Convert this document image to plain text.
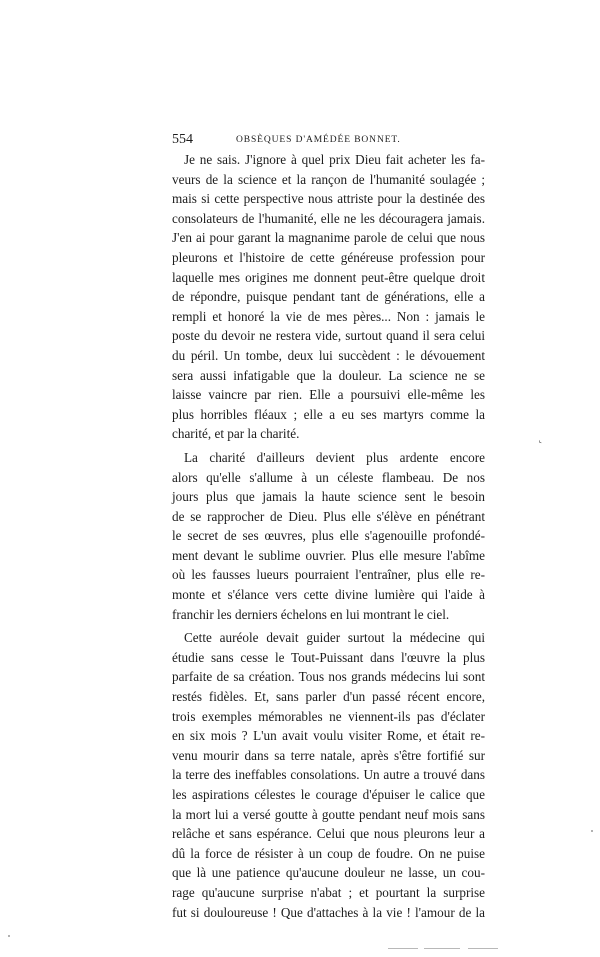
554	OBSÈQUES D'AMÉDÉE BONNET.
Je ne sais. J'ignore à quel prix Dieu fait acheter les fa-
veurs de la science et la rançon de l'humanité soulagée ;
mais si cette perspective nous attriste pour la destinée des
consolateurs de l'humanité, elle ne les découragera jamais.
J'en ai pour garant la magnanime parole de celui que nous
pleurons et l'histoire de cette généreuse profession pour
laquelle mes origines me donnent peut-être quelque droit
de répondre, puisque pendant tant de générations, elle a
rempli et honoré la vie de mes pères... Non : jamais le
poste du devoir ne restera vide, surtout quand il sera celui
du péril. Un tombe, deux lui succèdent : le dévouement
sera aussi infatigable que la douleur. La science ne se
laisse vaincre par rien. Elle a poursuivi elle-même les
plus horribles fléaux ; elle a eu ses martyrs comme la
charité, et par la charité.
La charité d'ailleurs devient plus ardente encore
alors qu'elle s'allume à un céleste flambeau. De nos
jours plus que jamais la haute science sent le besoin
de se rapprocher de Dieu. Plus elle s'élève en pénétrant
le secret de ses œuvres, plus elle s'agenouille profondé-
ment devant le sublime ouvrier. Plus elle mesure l'abîme
où les fausses lueurs pourraient l'entraîner, plus elle re-
monte et s'élance vers cette divine lumière qui l'aide à
franchir les derniers échelons en lui montrant le ciel.
Cette auréole devait guider surtout la médecine qui
étudie sans cesse le Tout-Puissant dans l'œuvre la plus
parfaite de sa création. Tous nos grands médecins lui sont
restés fidèles. Et, sans parler d'un passé récent encore,
trois exemples mémorables ne viennent-ils pas d'éclater
en six mois ? L'un avait voulu visiter Rome, et était re-
venu mourir dans sa terre natale, après s'être fortifié sur
la terre des ineffables consolations. Un autre a trouvé dans
les aspirations célestes le courage d'épuiser le calice que
la mort lui a versé goutte à goutte pendant neuf mois sans
relâche et sans espérance. Celui que nous pleurons leur a
dû la force de résister à un coup de foudre. On ne puise
que là une patience qu'aucune douleur ne lasse, un cou-
rage qu'aucune surprise n'abat ; et pourtant la surprise
fut si douloureuse ! Que d'attaches à la vie ! l'amour de la
‹
